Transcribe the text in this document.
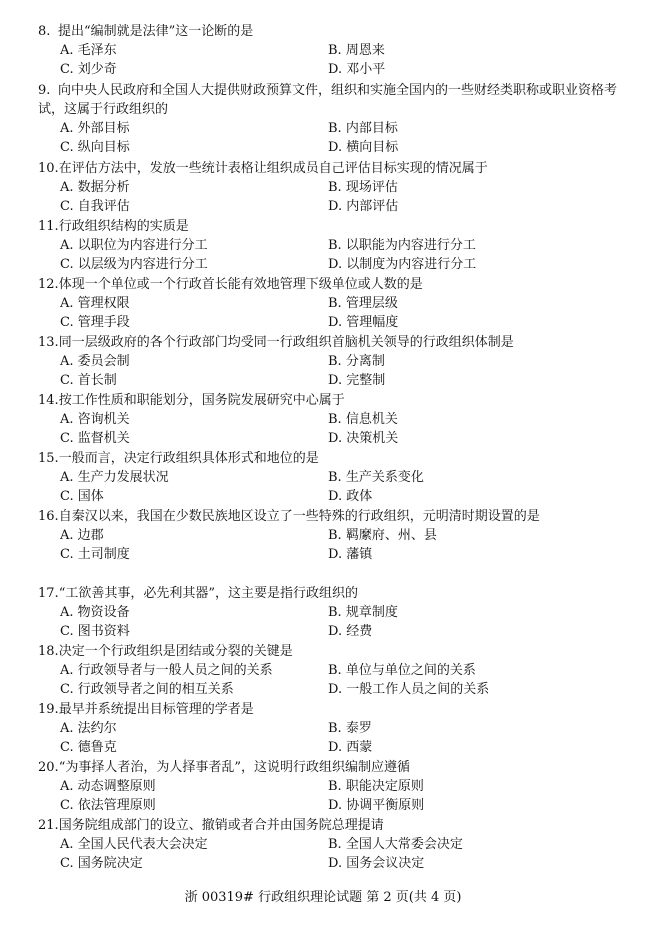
8. 提出“编制就是法律”这一论断的是
A. 毛泽东	B. 周恩来
C. 刘少奇	D. 邓小平
9. 向中央人民政府和全国人大提供财政预算文件，组织和实施全国内的一些财经类职称或职业资格考试，这属于行政组织的
A. 外部目标	B. 内部目标
C. 纵向目标	D. 横向目标
10.在评估方法中，发放一些统计表格让组织成员自己评估目标实现的情况属于
A. 数据分析	B. 现场评估
C. 自我评估	D. 内部评估
11.行政组织结构的实质是
A. 以职位为内容进行分工	B. 以职能为内容进行分工
C. 以层级为内容进行分工	D. 以制度为内容进行分工
12.体现一个单位或一个行政首长能有效地管理下级单位或人数的是
A. 管理权限	B. 管理层级
C. 管理手段	D. 管理幅度
13.同一层级政府的各个行政部门均受同一行政组织首脑机关领导的行政组织体制是
A. 委员会制	B. 分离制
C. 首长制	D. 完整制
14.按工作性质和职能划分，国务院发展研究中心属于
A. 咨询机关	B. 信息机关
C. 监督机关	D. 决策机关
15.一般而言，决定行政组织具体形式和地位的是
A. 生产力发展状况	B. 生产关系变化
C. 国体	D. 政体
16.自秦汉以来，我国在少数民族地区设立了一些特殊的行政组织，元明清时期设置的是
A. 边郡	B. 羁縻府、州、县
C. 土司制度	D. 藩镇
17.“工欲善其事，必先利其器”，这主要是指行政组织的
A. 物资设备	B. 规章制度
C. 图书资料	D. 经费
18.决定一个行政组织是团结或分裂的关键是
A. 行政领导者与一般人员之间的关系	B. 单位与单位之间的关系
C. 行政领导者之间的相互关系	D. 一般工作人员之间的关系
19.最早并系统提出目标管理的学者是
A. 法约尔	B. 泰罗
C. 德鲁克	D. 西蒙
20.“为事择人者治，为人择事者乱”，这说明行政组织编制应遵循
A. 动态调整原则	B. 职能决定原则
C. 依法管理原则	D. 协调平衡原则
21.国务院组成部门的设立、撤销或者合并由国务院总理提请
A. 全国人民代表大会决定	B. 全国人大常委会决定
C. 国务院决定	D. 国务会议决定
浙 00319# 行政组织理论试题 第 2 页(共 4 页)
